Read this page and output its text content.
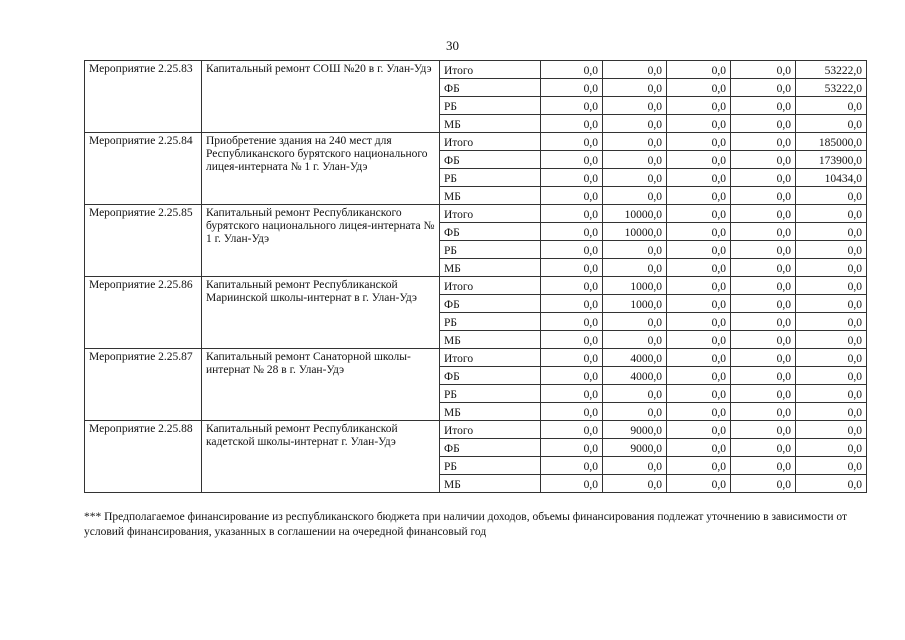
30
Мероприятие 2.25.83	Капитальный ремонт СОШ №20 в г. Улан-Удэ	Итого	0,0	0,0	0,0	0,0	53222,0
		ФБ	0,0	0,0	0,0	0,0	53222,0
		РБ	0,0	0,0	0,0	0,0	0,0
		МБ	0,0	0,0	0,0	0,0	0,0
Мероприятие 2.25.84	Приобретение здания на 240 мест для Республиканского бурятского национального лицея-интерната № 1 г. Улан-Удэ	Итого	0,0	0,0	0,0	0,0	185000,0
		ФБ	0,0	0,0	0,0	0,0	173900,0
		РБ	0,0	0,0	0,0	0,0	10434,0
		МБ	0,0	0,0	0,0	0,0	0,0
Мероприятие 2.25.85	Капитальный ремонт Республиканского бурятского национального лицея-интерната № 1 г. Улан-Удэ	Итого	0,0	10000,0	0,0	0,0	0,0
		ФБ	0,0	10000,0	0,0	0,0	0,0
		РБ	0,0	0,0	0,0	0,0	0,0
		МБ	0,0	0,0	0,0	0,0	0,0
Мероприятие 2.25.86	Капитальный ремонт Республиканской Мариинской школы-интернат в г. Улан-Удэ	Итого	0,0	1000,0	0,0	0,0	0,0
		ФБ	0,0	1000,0	0,0	0,0	0,0
		РБ	0,0	0,0	0,0	0,0	0,0
		МБ	0,0	0,0	0,0	0,0	0,0
Мероприятие 2.25.87	Капитальный ремонт Санаторной школы-интернат № 28 в г. Улан-Удэ	Итого	0,0	4000,0	0,0	0,0	0,0
		ФБ	0,0	4000,0	0,0	0,0	0,0
		РБ	0,0	0,0	0,0	0,0	0,0
		МБ	0,0	0,0	0,0	0,0	0,0
Мероприятие 2.25.88	Капитальный ремонт Республиканской кадетской школы-интернат г. Улан-Удэ	Итого	0,0	9000,0	0,0	0,0	0,0
		ФБ	0,0	9000,0	0,0	0,0	0,0
		РБ	0,0	0,0	0,0	0,0	0,0
		МБ	0,0	0,0	0,0	0,0	0,0
*** Предполагаемое финансирование из республиканского бюджета при наличии доходов, объемы финансирования подлежат уточнению в зависимости от условий финансирования, указанных в соглашении на очередной финансовый год
